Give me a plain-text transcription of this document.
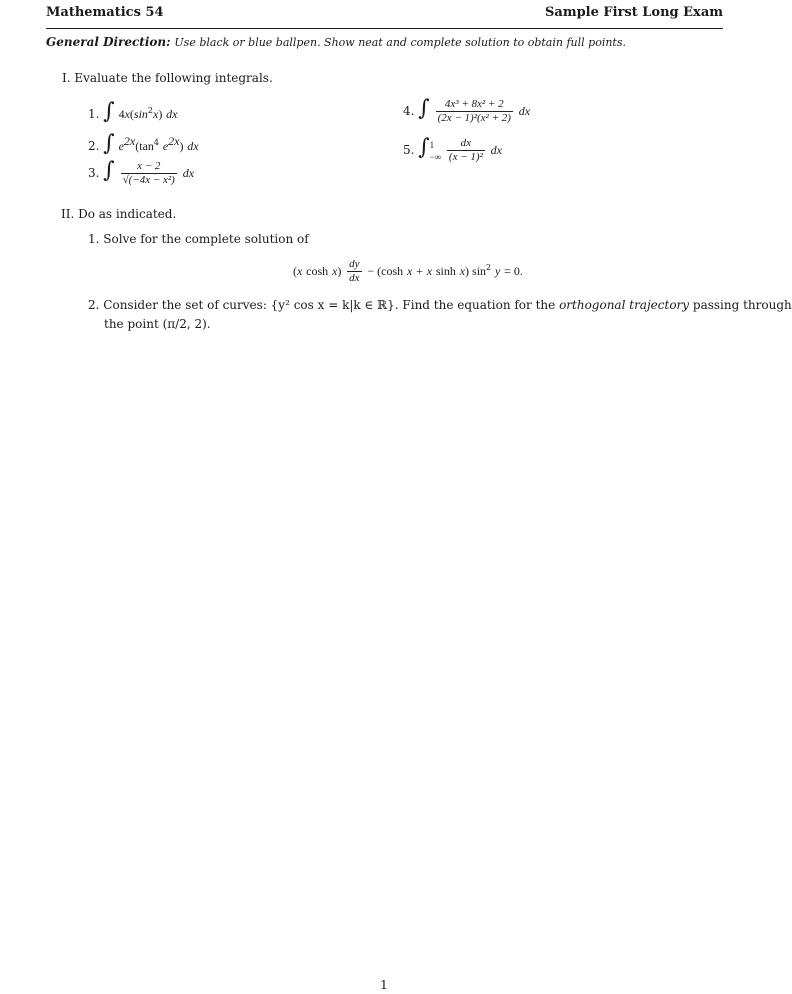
Mathematics 54	Sample First Long Exam
General Direction: Use black or blue ballpen. Show neat and complete solution to obtain full points.
I. Evaluate the following integrals.
1. ∫ $4x(\sin^2x)$ dx
2. ∫ $e^{2x}(\tan^4$ $e^{2x}$) dx
3. ∫ $\frac{x - 2}{\text{√(−4x − x²)}}$ dx
4. ∫ $\frac{\text{4x³ + 8x² + 2}}{\text{(2x − 1)²(x² + 2)}}$ dx
5. ∫ 1
−∞
$\frac{dx}{\text{(x − 1)²}}$ dx
II. Do as indicated.
1. Solve for the complete solution of
(x $\cosh x) \frac{dy}{dx} - (\cosh$ x + x sinh x) $\sin^2 y = 0$.
2. Consider the set of curves: {y² cos x = k|k ∈ ℝ}. Find the equation for the orthogonal trajectory passing through
the point (π/2, 2).
1
